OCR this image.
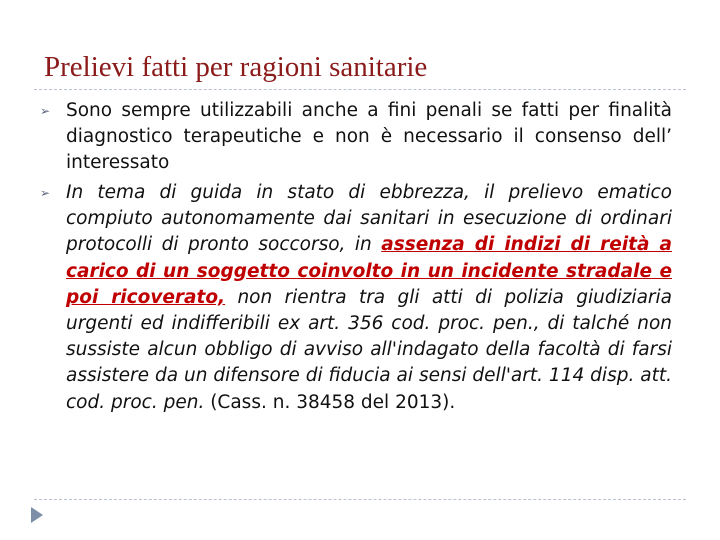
Prelievi fatti per ragioni sanitarie
➢ Sono sempre utilizzabili anche a fini penali se fatti per finalità diagnostico terapeutiche e non è necessario il consenso dell’ interessato
➢ In tema di guida in stato di ebbrezza, il prelievo ematico compiuto autonomamente dai sanitari in esecuzione di ordinari protocolli di pronto soccorso, in assenza di indizi di reità a carico di un soggetto coinvolto in un incidente stradale e poi ricoverato, non rientra tra gli atti di polizia giudiziaria urgenti ed indifferibili ex art. 356 cod. proc. pen., di talché non sussiste alcun obbligo di avviso all'indagato della facoltà di farsi assistere da un difensore di fiducia ai sensi dell'art. 114 disp. att. cod. proc. pen. (Cass. n. 38458 del 2013).
